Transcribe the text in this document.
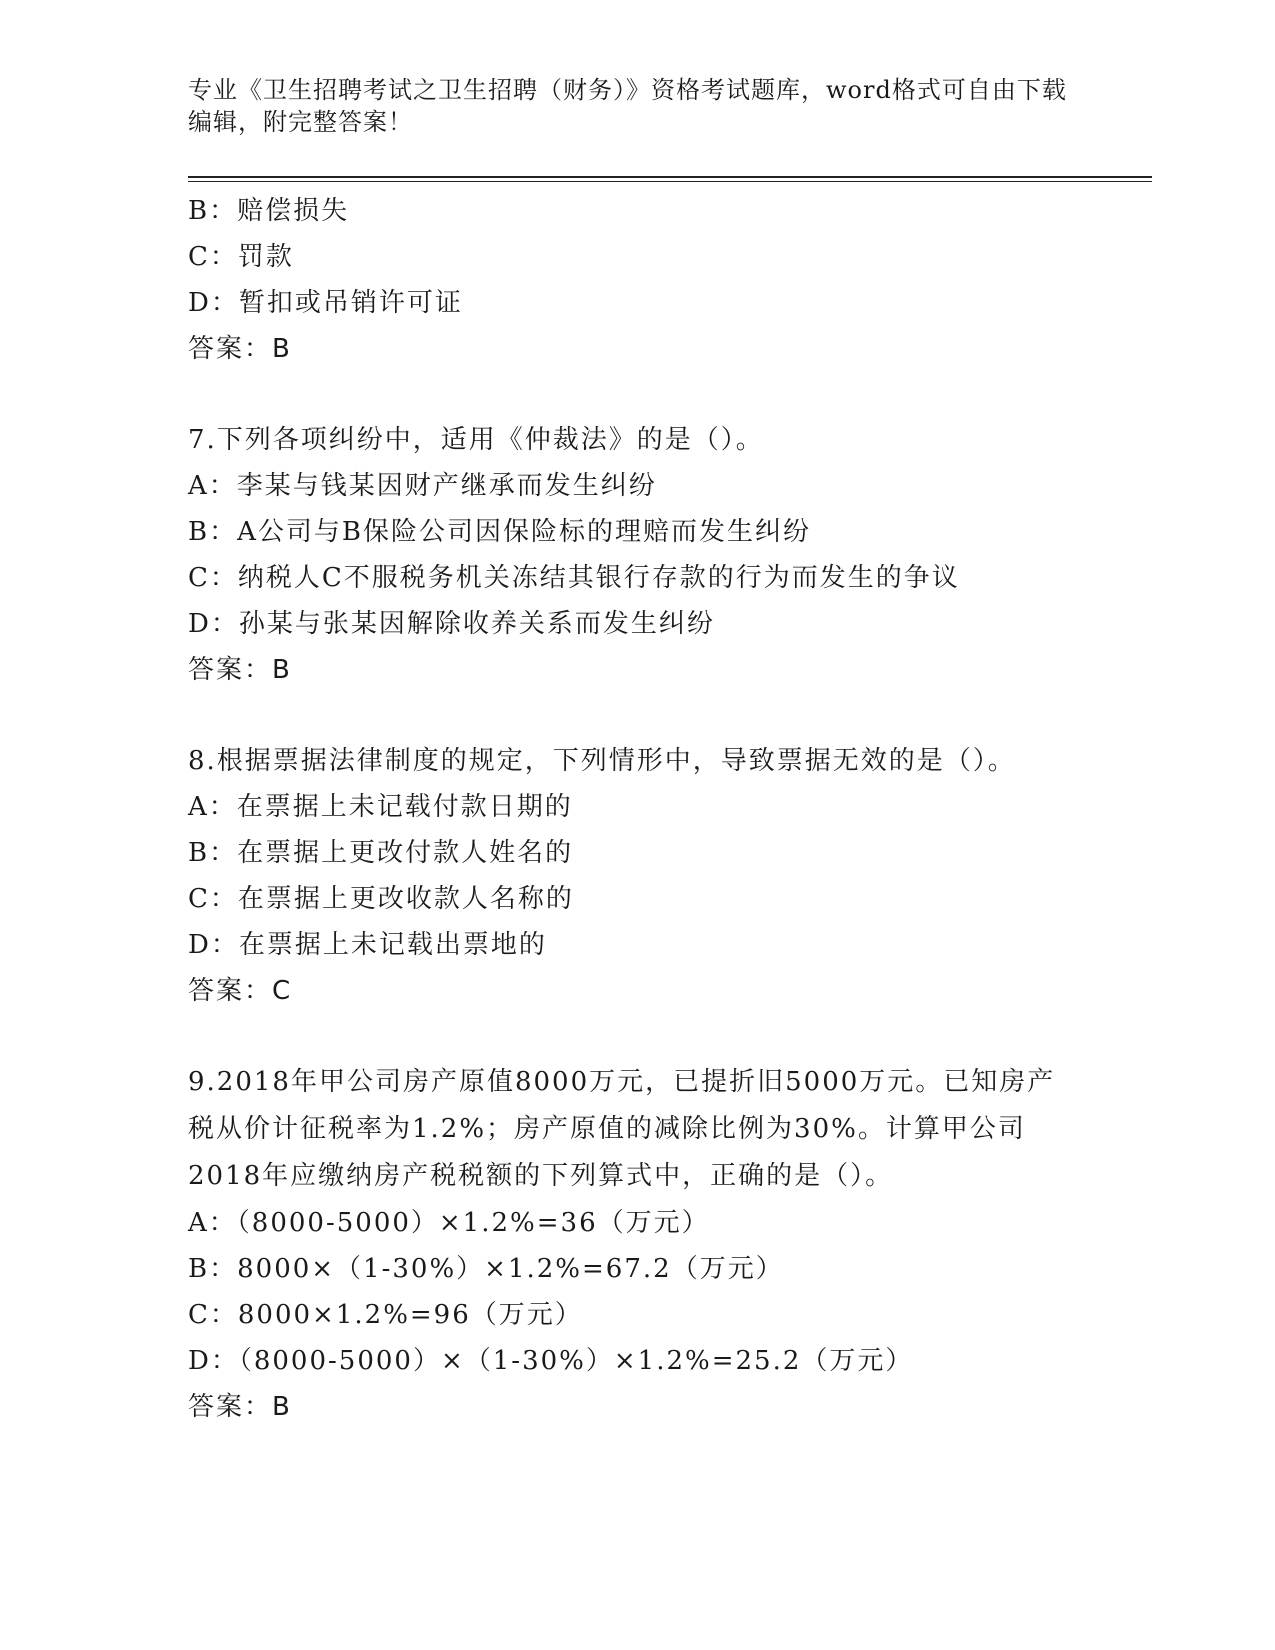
专业《卫生招聘考试之卫生招聘（财务）》资格考试题库，word格式可自由下载
编辑，附完整答案！
B：赔偿损失
C：罚款
D：暂扣或吊销许可证
答案：B
7.下列各项纠纷中，适用《仲裁法》的是（）。
A：李某与钱某因财产继承而发生纠纷
B：A公司与B保险公司因保险标的理赔而发生纠纷
C：纳税人C不服税务机关冻结其银行存款的行为而发生的争议
D：孙某与张某因解除收养关系而发生纠纷
答案：B
8.根据票据法律制度的规定，下列情形中，导致票据无效的是（）。
A：在票据上未记载付款日期的
B：在票据上更改付款人姓名的
C：在票据上更改收款人名称的
D：在票据上未记载出票地的
答案：C
9.2018年甲公司房产原值8000万元，已提折旧5000万元。已知房产
税从价计征税率为1.2%；房产原值的减除比例为30%。计算甲公司
2018年应缴纳房产税税额的下列算式中，正确的是（）。
A：（8000-5000）×1.2%=36（万元）
B：8000×（1-30%）×1.2%=67.2（万元）
C：8000×1.2%=96（万元）
D：（8000-5000）×（1-30%）×1.2%=25.2（万元）
答案：B
